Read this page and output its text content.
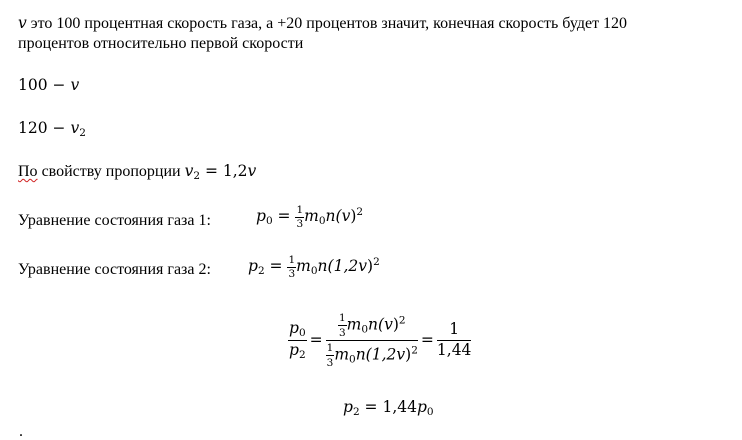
v это 100 процентная скорость газа, а +20 процентов значит, конечная скорость будет 120
процентов относительно первой скорости
100 − v
$120 - v_2$
По свойству пропорции $v_2 = 1,2v$
Уравнение состояния газа 1:	$p_0 = \frac{1}{3} m_0n(v)^2$
Уравнение состояния газа 2: $p_2 = \frac{1}{3} m_0n(1,2v)^2$
$\frac{p_0}{p_2} = \frac{\frac{1}{3} m_0n(v)^2}{\frac{1}{3} m_0n(1,2v)^2} = \frac{1}{1,44}$
$p_2 = 1,44p_0$
.
